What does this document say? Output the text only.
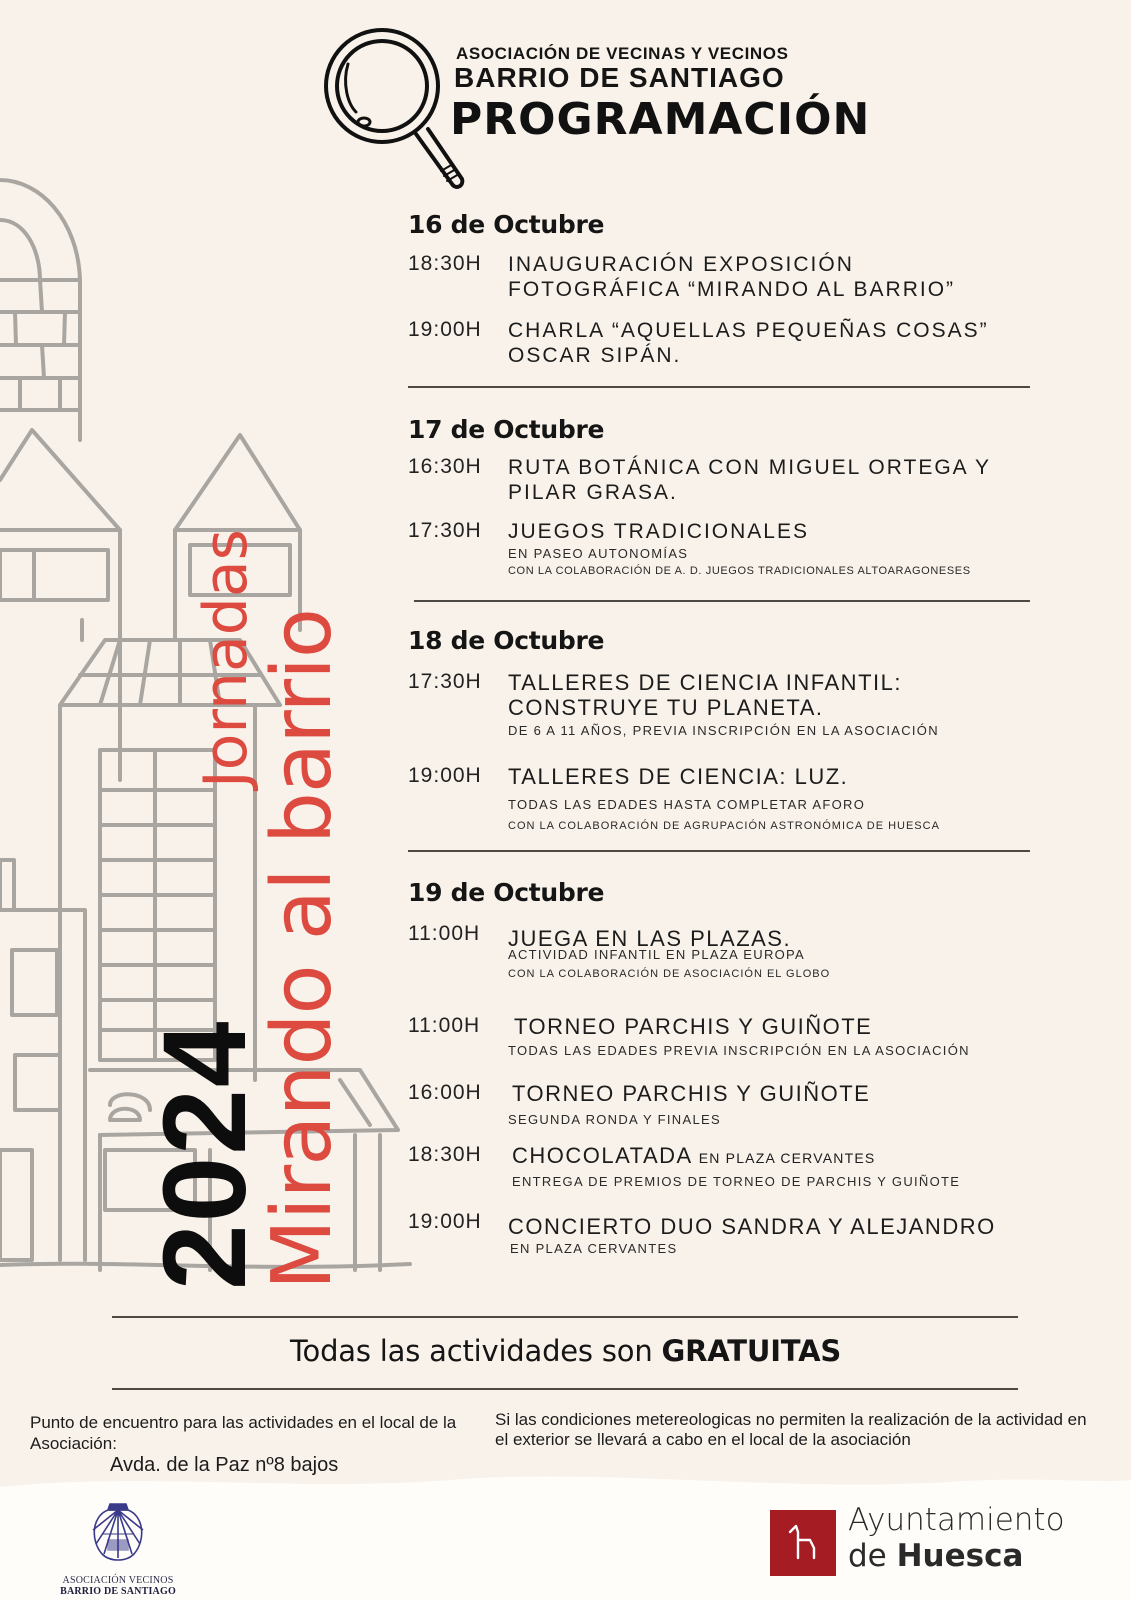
2024
Jornadas
Mirando al barrio
ASOCIACIÓN DE VECINAS Y VECINOS
BARRIO DE SANTIAGO
PROGRAMACIÓN
16 de Octubre
18:30H INAUGURACIÓN EXPOSICIÓN FOTOGRÁFICA “MIRANDO AL BARRIO”
19:00H CHARLA “AQUELLAS PEQUEÑAS COSAS” OSCAR SIPÁN.
17 de Octubre
16:30H RUTA BOTÁNICA CON MIGUEL ORTEGA Y PILAR GRASA.
17:30H JUEGOS TRADICIONALES
EN PASEO AUTONOMÍAS
CON LA COLABORACIÓN DE A. D. JUEGOS TRADICIONALES ALTOARAGONESES
18 de Octubre
17:30H TALLERES DE CIENCIA INFANTIL: CONSTRUYE TU PLANETA.
DE 6 A 11 AÑOS, PREVIA INSCRIPCIÓN EN LA ASOCIACIÓN
19:00H TALLERES DE CIENCIA: LUZ.
TODAS LAS EDADES HASTA COMPLETAR AFORO
CON LA COLABORACIÓN DE AGRUPACIÓN ASTRONÓMICA DE HUESCA
19 de Octubre
11:00H JUEGA EN LAS PLAZAS.
ACTIVIDAD INFANTIL EN PLAZA EUROPA
CON LA COLABORACIÓN DE ASOCIACIÓN EL GLOBO
11:00H TORNEO PARCHIS Y GUIÑOTE
TODAS LAS EDADES PREVIA INSCRIPCIÓN EN LA ASOCIACIÓN
16:00H TORNEO PARCHIS Y GUIÑOTE
SEGUNDA RONDA Y FINALES
18:30H CHOCOLATADA EN PLAZA CERVANTES
ENTREGA DE PREMIOS DE TORNEO DE PARCHIS Y GUIÑOTE
19:00H CONCIERTO DUO SANDRA Y ALEJANDRO
EN PLAZA CERVANTES
Todas las actividades son GRATUITAS
Punto de encuentro para las actividades en el local de la Asociación:
Avda. de la Paz nº8 bajos
Si las condiciones metereologicas no permiten la realización de la actividad en el exterior se llevará a cabo en el local de la asociación
ASOCIACIÓN VECINOS
BARRIO DE SANTIAGO
Ayuntamiento
de Huesca
